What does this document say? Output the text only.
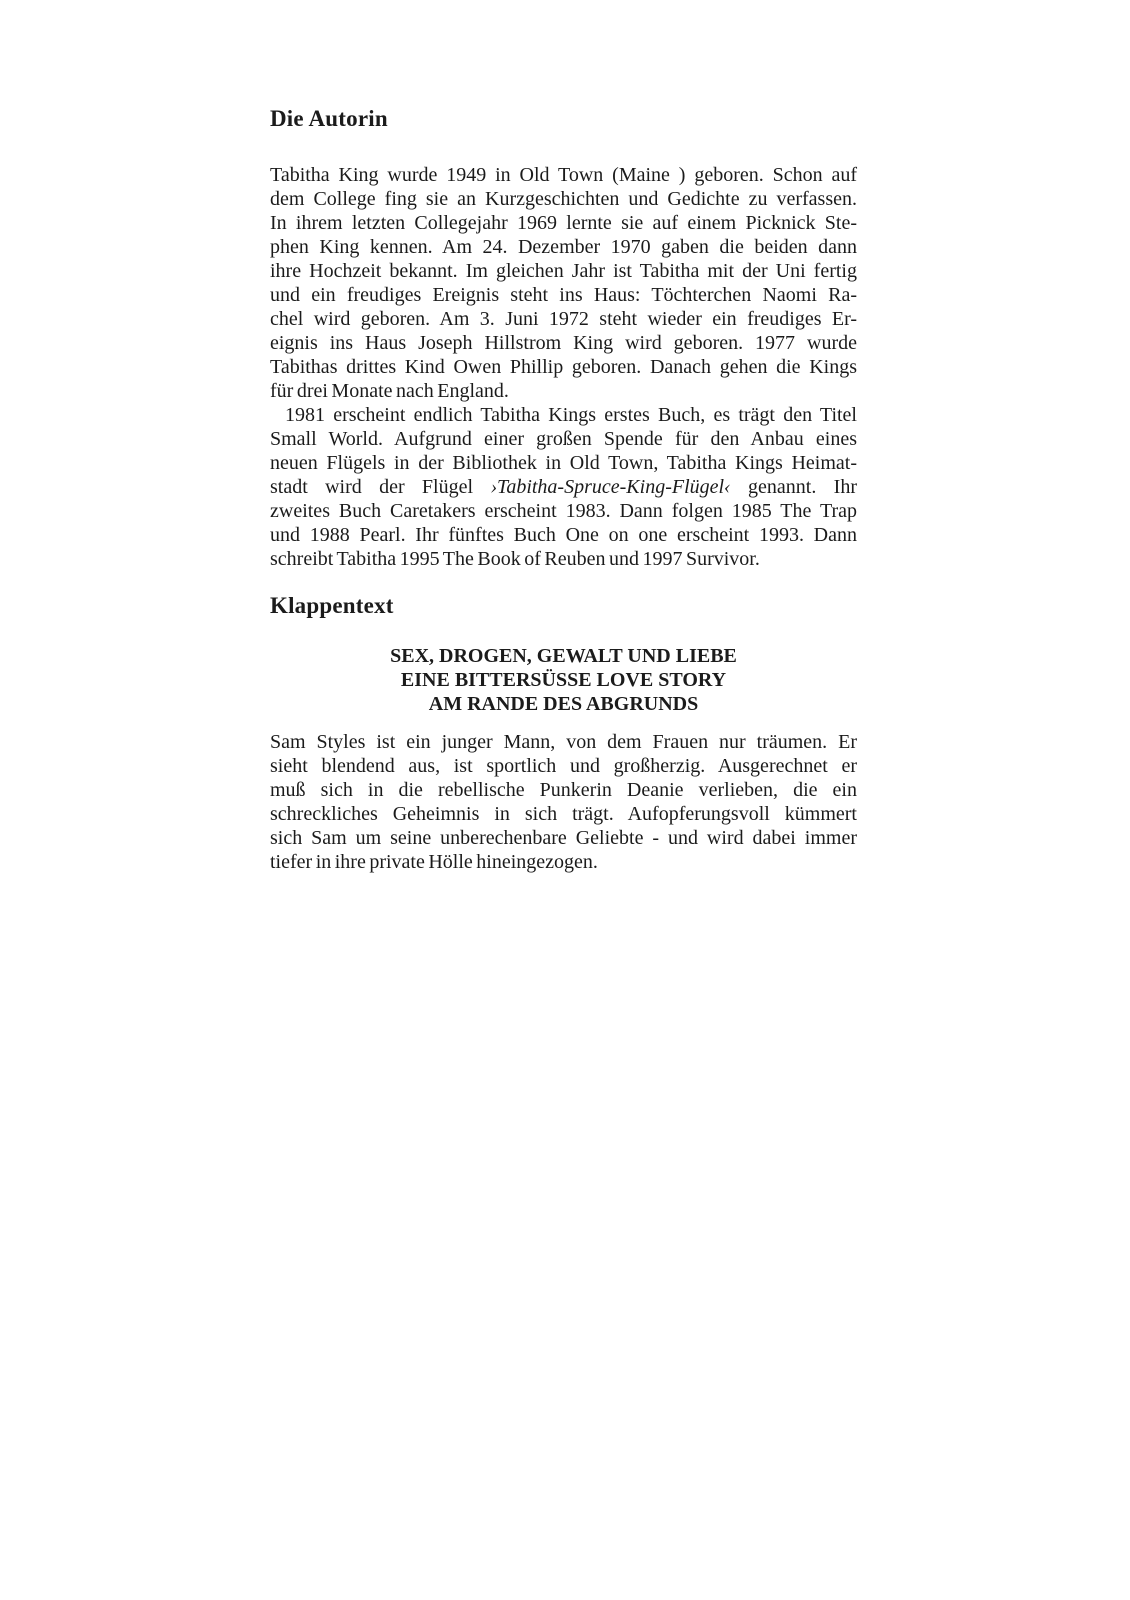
Die Autorin
Tabitha King wurde 1949 in Old Town (Maine ) geboren. Schon auf
dem College fing sie an Kurzgeschichten und Gedichte zu verfassen.
In ihrem letzten Collegejahr 1969 lernte sie auf einem Picknick Ste-
phen King kennen. Am 24. Dezember 1970 gaben die beiden dann
ihre Hochzeit bekannt. Im gleichen Jahr ist Tabitha mit der Uni fertig
und ein freudiges Ereignis steht ins Haus: Töchterchen Naomi Ra-
chel wird geboren. Am 3. Juni 1972 steht wieder ein freudiges Er-
eignis ins Haus Joseph Hillstrom King wird geboren. 1977 wurde
Tabithas drittes Kind Owen Phillip geboren. Danach gehen die Kings
für drei Monate nach England.
1981 erscheint endlich Tabitha Kings erstes Buch, es trägt den Titel
Small World. Aufgrund einer großen Spende für den Anbau eines
neuen Flügels in der Bibliothek in Old Town, Tabitha Kings Heimat-
stadt wird der Flügel ›Tabitha-Spruce-King-Flügel‹ genannt. Ihr
zweites Buch Caretakers erscheint 1983. Dann folgen 1985 The Trap
und 1988 Pearl. Ihr fünftes Buch One on one erscheint 1993. Dann
schreibt Tabitha 1995 The Book of Reuben und 1997 Survivor.
Klappentext
SEX, DROGEN, GEWALT UND LIEBE
EINE BITTERSÜSSE LOVE STORY
AM RANDE DES ABGRUNDS
Sam Styles ist ein junger Mann, von dem Frauen nur träumen. Er
sieht blendend aus, ist sportlich und großherzig. Ausgerechnet er
muß sich in die rebellische Punkerin Deanie verlieben, die ein
schreckliches Geheimnis in sich trägt. Aufopferungsvoll kümmert
sich Sam um seine unberechenbare Geliebte - und wird dabei immer
tiefer in ihre private Hölle hineingezogen.
